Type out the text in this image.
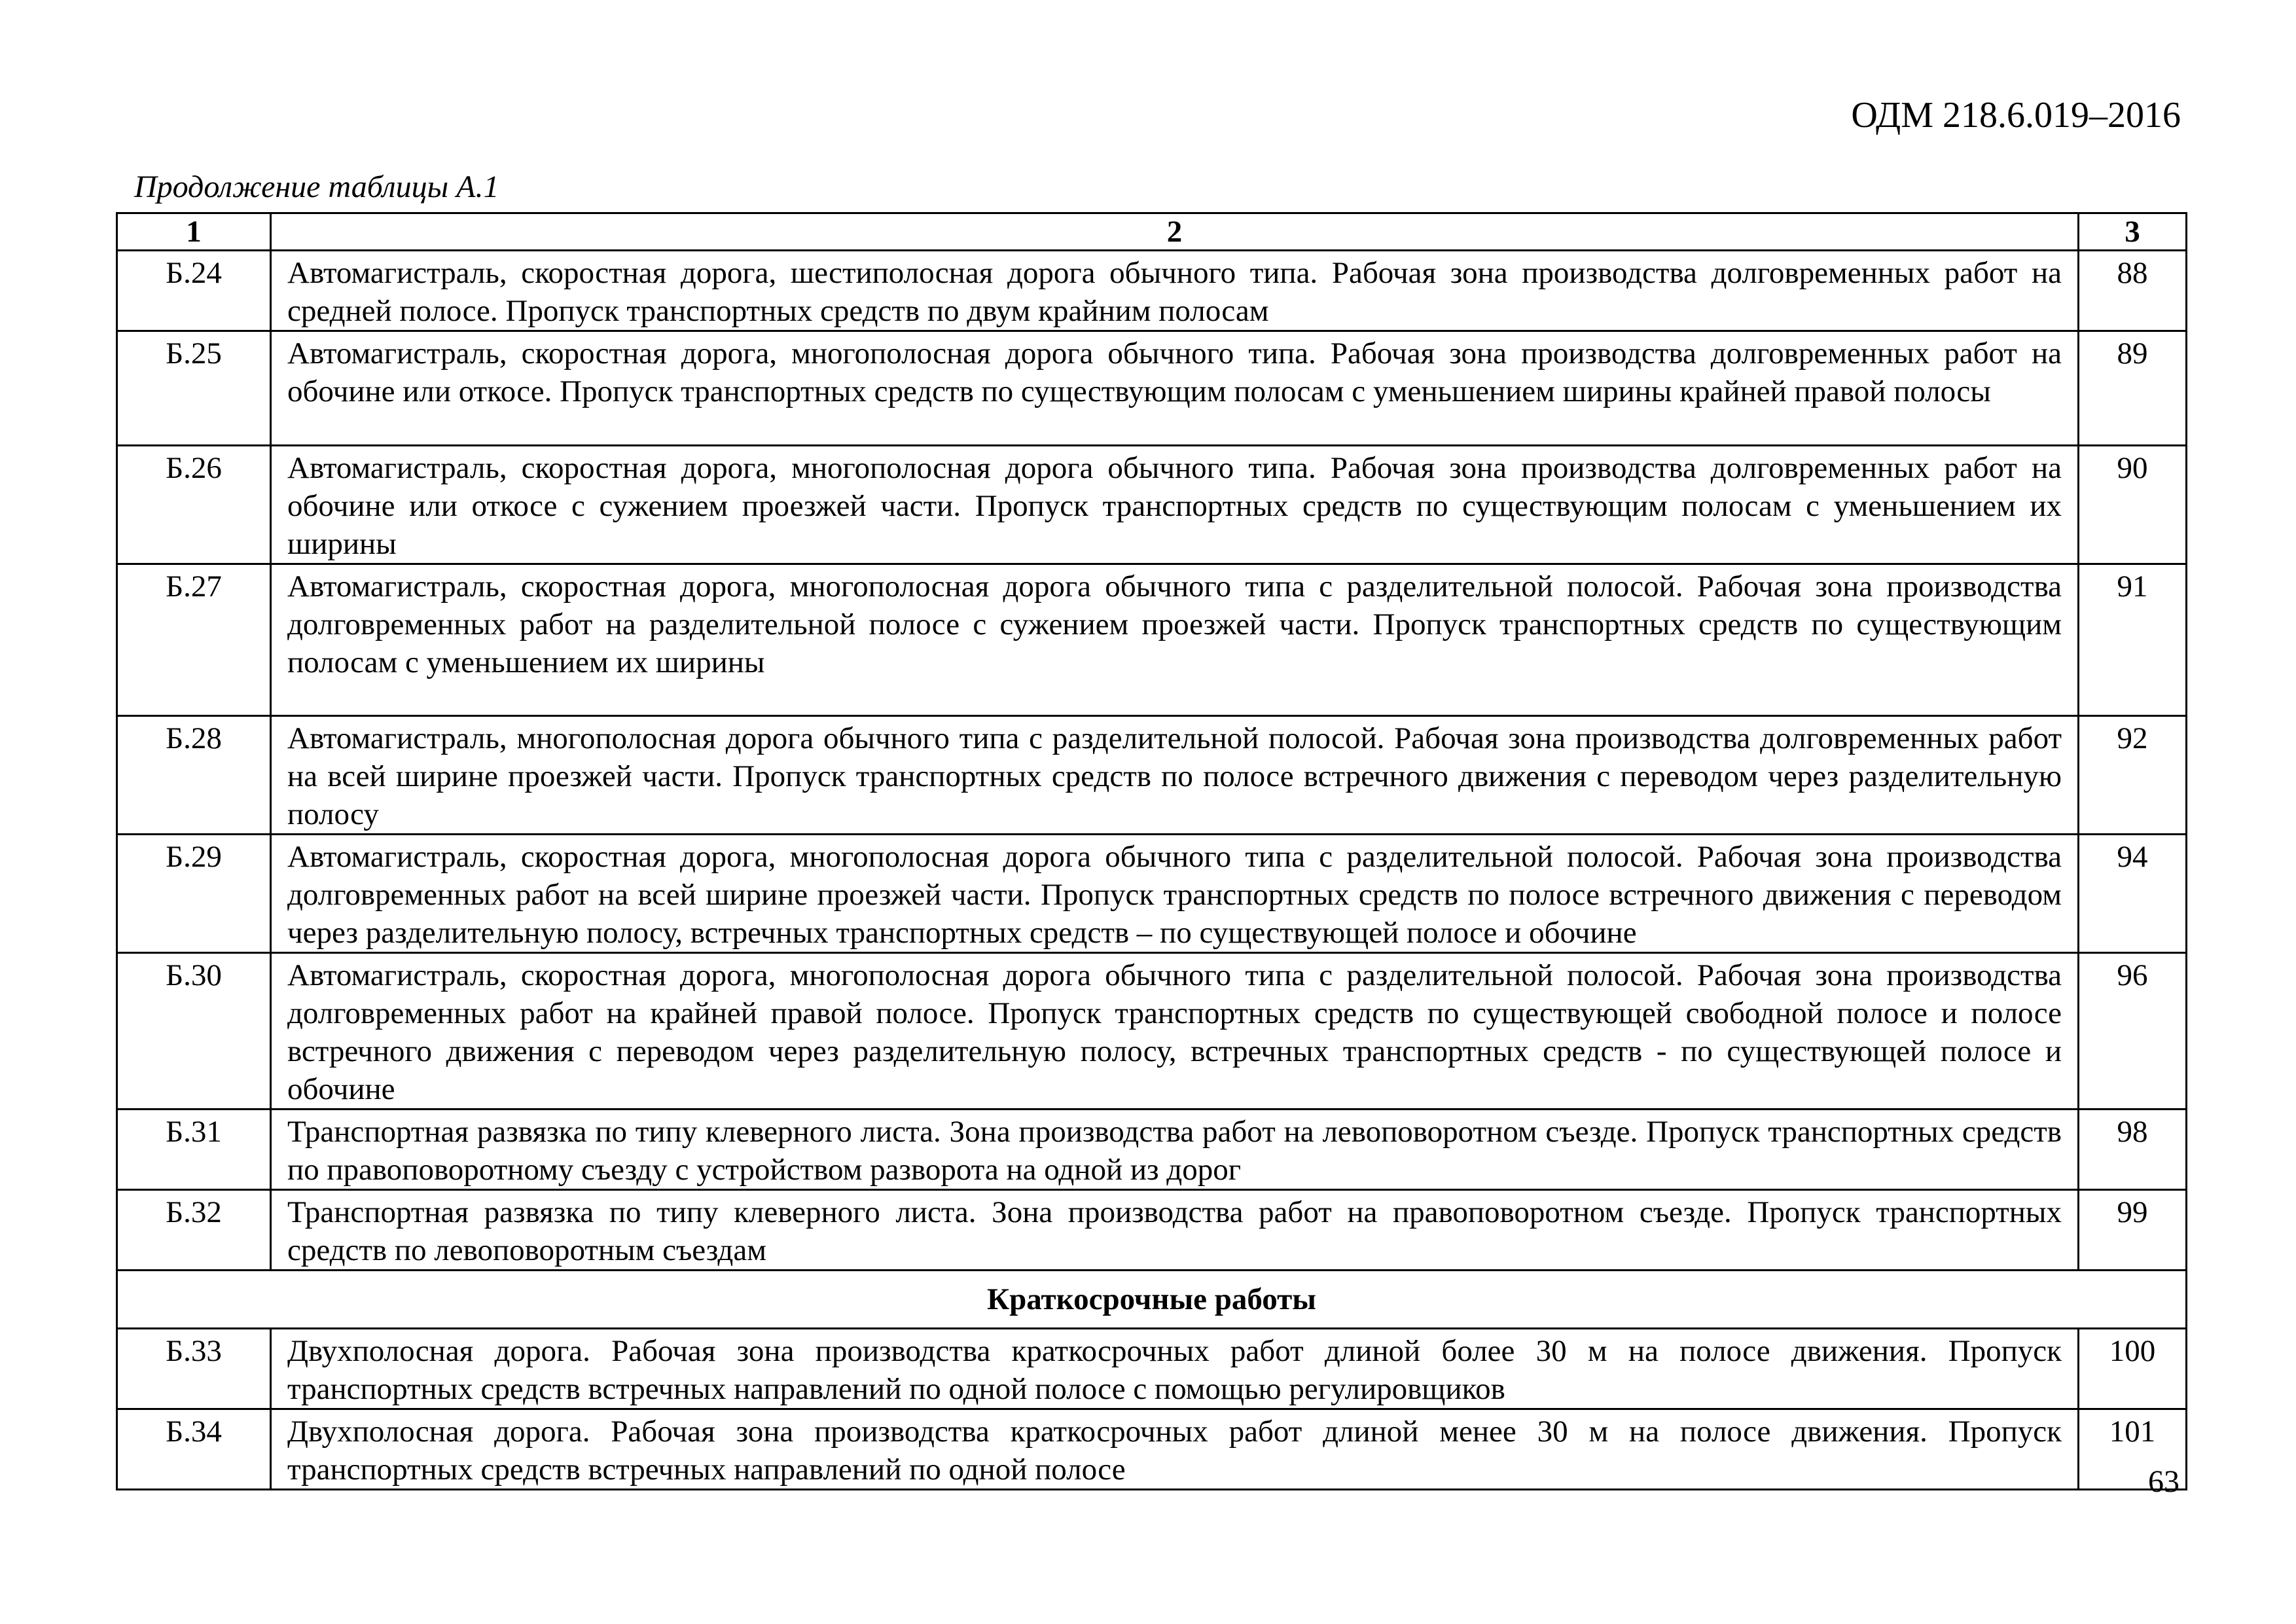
ОДМ 218.6.019–2016
Продолжение таблицы А.1
1	2	3
Б.24	Автомагистраль, скоростная дорога, шестиполосная дорога обычного типа. Рабочая зона производства долговременных работ на средней полосе. Пропуск транспортных средств по двум крайним полосам	88
Б.25	Автомагистраль, скоростная дорога, многополосная дорога обычного типа. Рабочая зона производства долговременных работ на обочине или откосе. Пропуск транспортных средств по существующим полосам с уменьшением ширины крайней правой полосы	89
Б.26	Автомагистраль, скоростная дорога, многополосная дорога обычного типа. Рабочая зона производства долговременных работ на обочине или откосе с сужением проезжей части. Пропуск транспортных средств по существующим полосам с уменьшением их ширины	90
Б.27	Автомагистраль, скоростная дорога, многополосная дорога обычного типа с разделительной полосой. Рабочая зона производства долговременных работ на разделительной полосе с сужением проезжей части. Пропуск транспортных средств по существующим полосам с уменьшением их ширины	91
Б.28	Автомагистраль, многополосная дорога обычного типа с разделительной полосой. Рабочая зона производства долговременных работ на всей ширине проезжей части. Пропуск транспортных средств по полосе встречного движения с переводом через разделительную полосу	92
Б.29	Автомагистраль, скоростная дорога, многополосная дорога обычного типа с разделительной полосой. Рабочая зона производства долговременных работ на всей ширине проезжей части. Пропуск транспортных средств по полосе встречного движения с переводом через разделительную полосу, встречных транспортных средств – по существующей полосе и обочине	94
Б.30	Автомагистраль, скоростная дорога, многополосная дорога обычного типа с разделительной полосой. Рабочая зона производства долговременных работ на крайней правой полосе. Пропуск транспортных средств по существующей свободной полосе и полосе встречного движения с переводом через разделительную полосу, встречных транспортных средств - по существующей полосе и обочине	96
Б.31	Транспортная развязка по типу клеверного листа. Зона производства работ на левоповоротном съезде. Пропуск транспортных средств по правоповоротному съезду с устройством разворота на одной из дорог	98
Б.32	Транспортная развязка по типу клеверного листа. Зона производства работ на правоповоротном съезде. Пропуск транспортных средств по левоповоротным съездам	99
Краткосрочные работы		
Б.33	Двухполосная дорога. Рабочая зона производства краткосрочных работ длиной более 30 м на полосе движения. Пропуск транспортных средств встречных направлений по одной полосе с помощью регулировщиков	100
Б.34	Двухполосная дорога. Рабочая зона производства краткосрочных работ длиной менее 30 м на полосе движения. Пропуск транспортных средств встречных направлений по одной полосе	101
63
